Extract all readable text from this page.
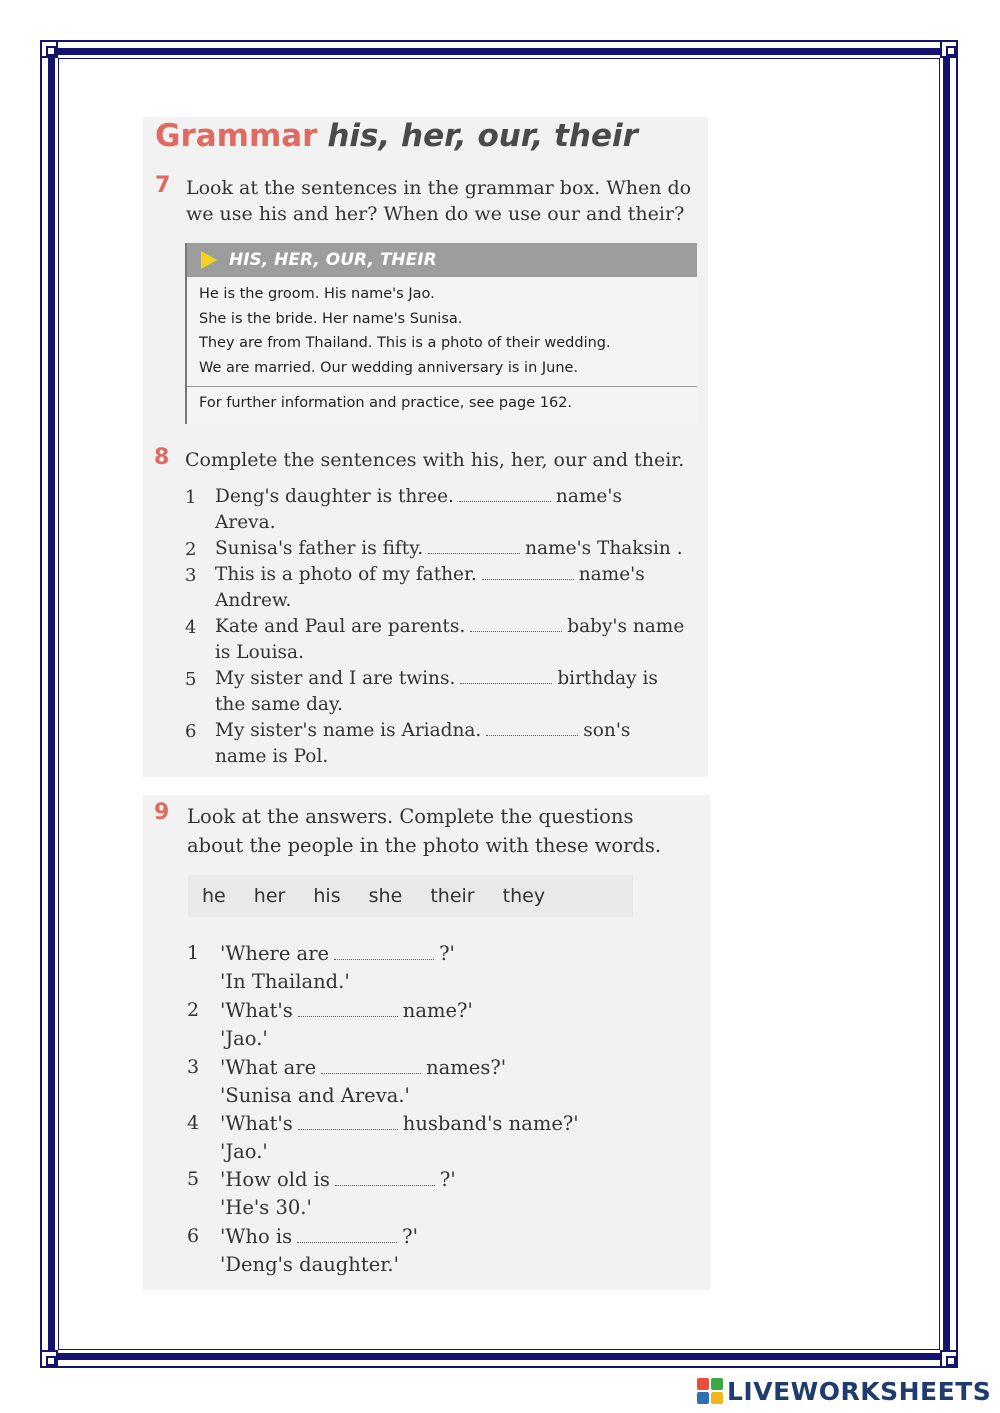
Grammar his, her, our, their
7 Look at the sentences in the grammar box. When do
we use his and her? When do we use our and their?
HIS, HER, OUR, THEIR
He is the groom. His name's Jao.
She is the bride. Her name's Sunisa.
They are from Thailand. This is a photo of their wedding.
We are married. Our wedding anniversary is in June.
For further information and practice, see page 162.
8 Complete the sentences with his, her, our and their.
1 Deng's daughter is three.	name's
Areva.
2 Sunisa's father is fifty.	name's Thaksin .
3 This is a photo of my father.	name's
Andrew.
4 Kate and Paul are parents.	baby's name
is Louisa.
5 My sister and I are twins.	birthday is
the same day.
6 My sister's name is Ariadna.	son's
name is Pol.
9 Look at the answers. Complete the questions
about the people in the photo with these words.
he her his she their they
1 'Where are	?'
'In Thailand.'
2 'What's	name?'
'Jao.'
3 'What are	names?'
'Sunisa and Areva.'
4 'What's	husband's name?'
'Jao.'
5 'How old is	?'
'He's 30.'
6 'Who is	?'
'Deng's daughter.'
LIVEWORKSHEETS
